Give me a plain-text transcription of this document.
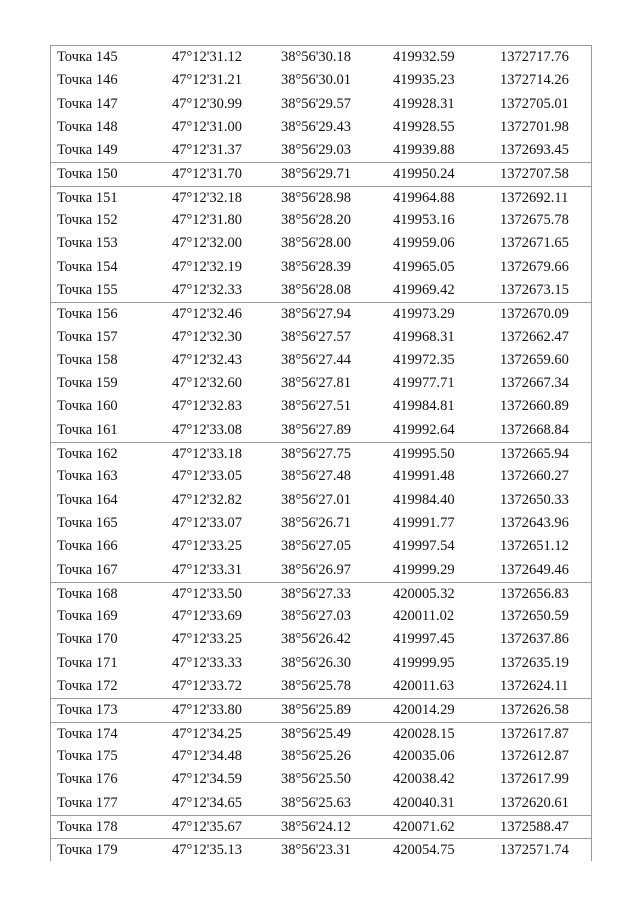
Точка 145	47°12'31.12	38°56'30.18	419932.59	1372717.76
Точка 146	47°12'31.21	38°56'30.01	419935.23	1372714.26
Точка 147	47°12'30.99	38°56'29.57	419928.31	1372705.01
Точка 148	47°12'31.00	38°56'29.43	419928.55	1372701.98
Точка 149	47°12'31.37	38°56'29.03	419939.88	1372693.45
Точка 150	47°12'31.70	38°56'29.71	419950.24	1372707.58
Точка 151	47°12'32.18	38°56'28.98	419964.88	1372692.11
Точка 152	47°12'31.80	38°56'28.20	419953.16	1372675.78
Точка 153	47°12'32.00	38°56'28.00	419959.06	1372671.65
Точка 154	47°12'32.19	38°56'28.39	419965.05	1372679.66
Точка 155	47°12'32.33	38°56'28.08	419969.42	1372673.15
Точка 156	47°12'32.46	38°56'27.94	419973.29	1372670.09
Точка 157	47°12'32.30	38°56'27.57	419968.31	1372662.47
Точка 158	47°12'32.43	38°56'27.44	419972.35	1372659.60
Точка 159	47°12'32.60	38°56'27.81	419977.71	1372667.34
Точка 160	47°12'32.83	38°56'27.51	419984.81	1372660.89
Точка 161	47°12'33.08	38°56'27.89	419992.64	1372668.84
Точка 162	47°12'33.18	38°56'27.75	419995.50	1372665.94
Точка 163	47°12'33.05	38°56'27.48	419991.48	1372660.27
Точка 164	47°12'32.82	38°56'27.01	419984.40	1372650.33
Точка 165	47°12'33.07	38°56'26.71	419991.77	1372643.96
Точка 166	47°12'33.25	38°56'27.05	419997.54	1372651.12
Точка 167	47°12'33.31	38°56'26.97	419999.29	1372649.46
Точка 168	47°12'33.50	38°56'27.33	420005.32	1372656.83
Точка 169	47°12'33.69	38°56'27.03	420011.02	1372650.59
Точка 170	47°12'33.25	38°56'26.42	419997.45	1372637.86
Точка 171	47°12'33.33	38°56'26.30	419999.95	1372635.19
Точка 172	47°12'33.72	38°56'25.78	420011.63	1372624.11
Точка 173	47°12'33.80	38°56'25.89	420014.29	1372626.58
Точка 174	47°12'34.25	38°56'25.49	420028.15	1372617.87
Точка 175	47°12'34.48	38°56'25.26	420035.06	1372612.87
Точка 176	47°12'34.59	38°56'25.50	420038.42	1372617.99
Точка 177	47°12'34.65	38°56'25.63	420040.31	1372620.61
Точка 178	47°12'35.67	38°56'24.12	420071.62	1372588.47
Точка 179	47°12'35.13	38°56'23.31	420054.75	1372571.74
